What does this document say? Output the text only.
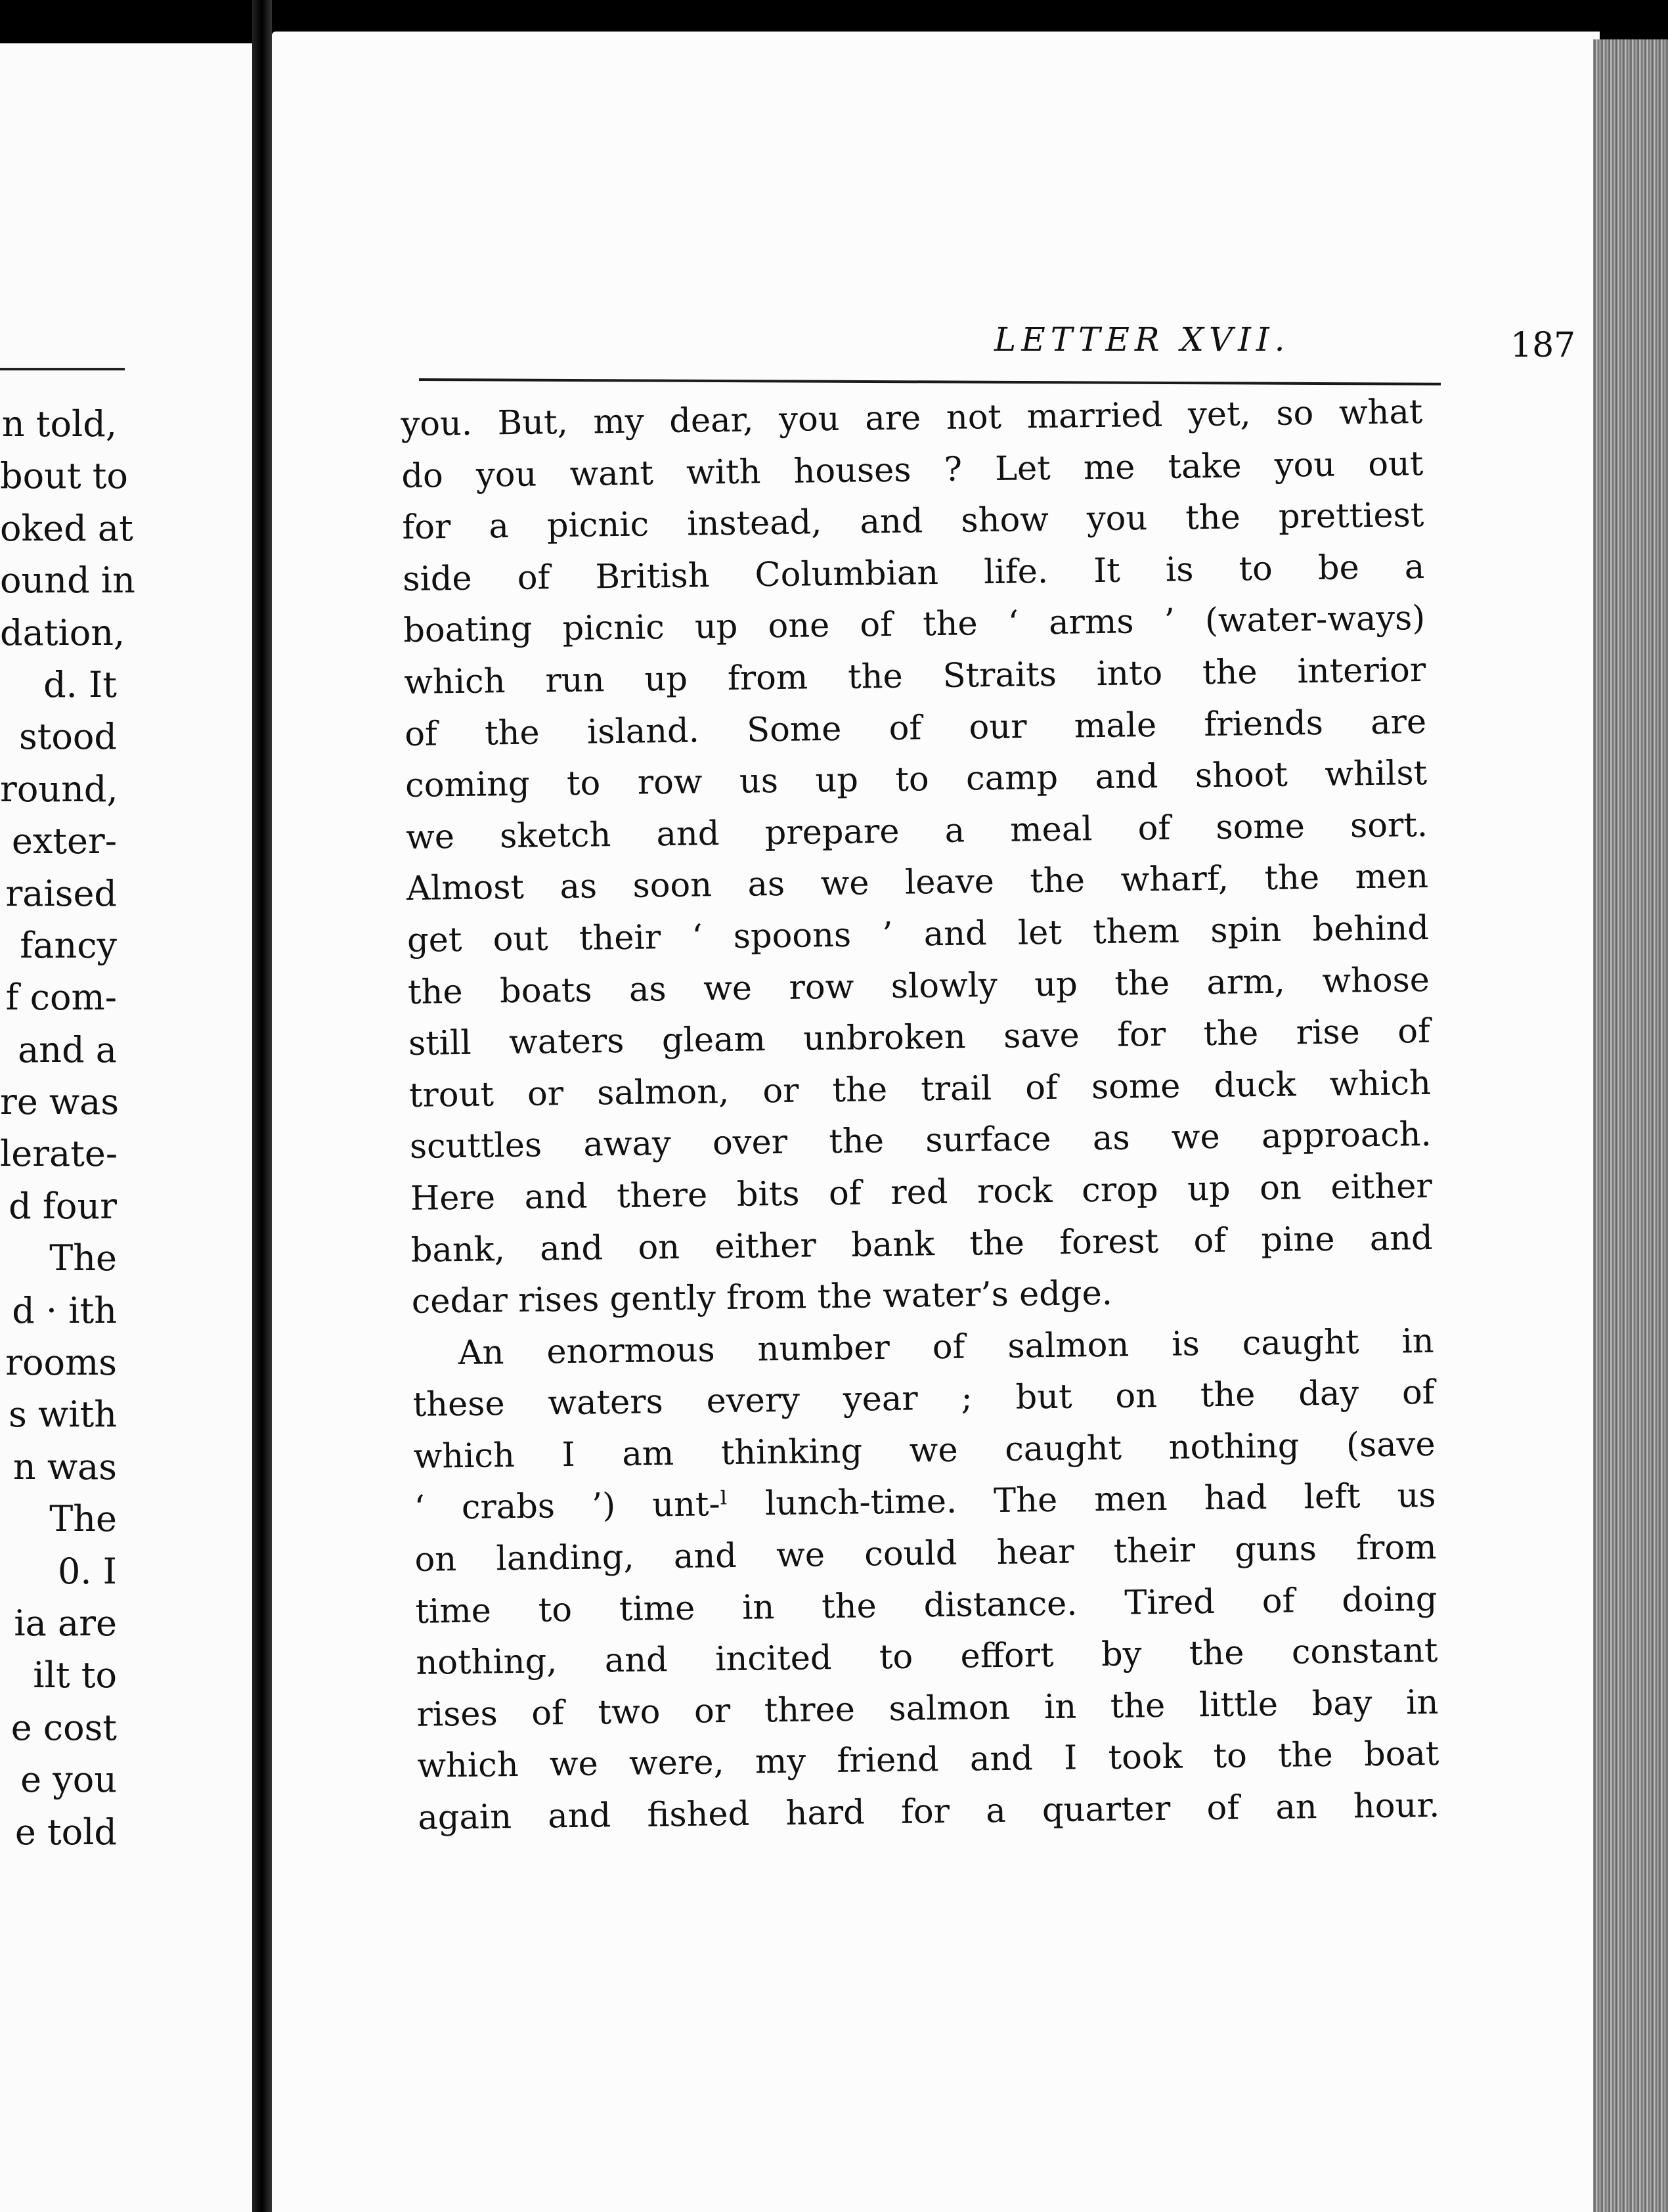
n told,
bout to
oked at
ound in
dation,
d. It
stood
round,
exter-
raised
fancy
f com-
and a
re was
lerate-
d four
The
d · ith
rooms
s with
n was
The
0. I
ia are
ilt to
e cost
e you
e told
LETTER XVII.	187
you. But, my dear, you are not married yet, so what
do you want with houses ? Let me take you out
for a picnic instead, and show you the prettiest
side of British Columbian life. It is to be a
boating picnic up one of the ‘ arms ’ (water-ways)
which run up from the Straits into the interior
of the island. Some of our male friends are
coming to row us up to camp and shoot whilst
we sketch and prepare a meal of some sort.
Almost as soon as we leave the wharf, the men
get out their ‘ spoons ’ and let them spin behind
the boats as we row slowly up the arm, whose
still waters gleam unbroken save for the rise of
trout or salmon, or the trail of some duck which
scuttles away over the surface as we approach.
Here and there bits of red rock crop up on either
bank, and on either bank the forest of pine and
cedar rises gently from the water’s edge.
An enormous number of salmon is caught in
these waters every year ; but on the day of
which I am thinking we caught nothing (save
‘ crabs ’) unt‑ˡ lunch-time. The men had left us
on landing, and we could hear their guns from
time to time in the distance. Tired of doing
nothing, and incited to effort by the constant
rises of two or three salmon in the little bay in
which we were, my friend and I took to the boat
again and fished hard for a quarter of an hour.
